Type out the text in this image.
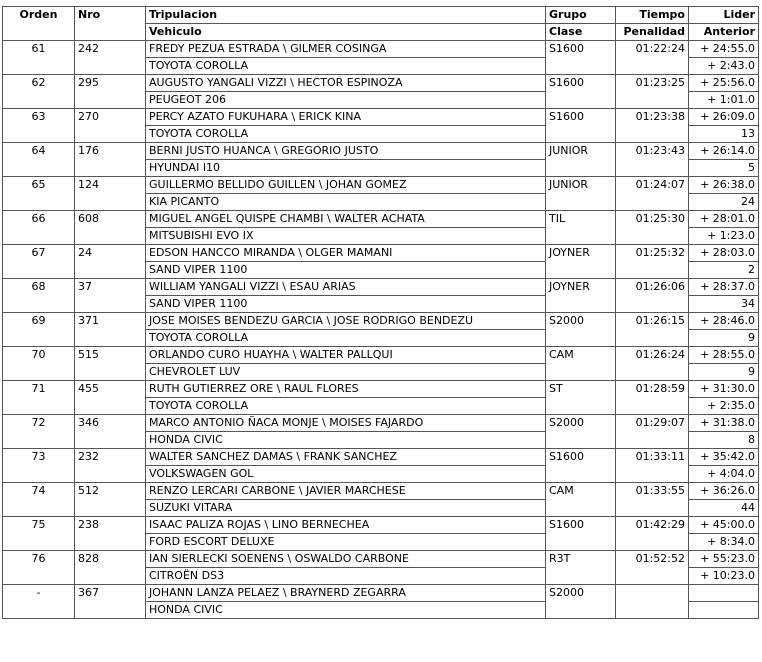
Orden	Nro	Tripulacion	Grupo	Tiempo	Lider
		Vehiculo	Clase	Penalidad	Anterior
61	242	FREDY PEZUA ESTRADA \ GILMER COSINGA	S1600	01:22:24	+ 24:55.0
		TOYOTA COROLLA			+ 2:43.0
62	295	AUGUSTO YANGALI VIZZI \ HECTOR ESPINOZA	S1600	01:23:25	+ 25:56.0
		PEUGEOT 206			+ 1:01.0
63	270	PERCY AZATO FUKUHARA \ ERICK KINA	S1600	01:23:38	+ 26:09.0
		TOYOTA COROLLA			13
64	176	BERNI JUSTO HUANCA \ GREGORIO JUSTO	JUNIOR	01:23:43	+ 26:14.0
		HYUNDAI I10			5
65	124	GUILLERMO BELLIDO GUILLEN \ JOHAN GOMEZ	JUNIOR	01:24:07	+ 26:38.0
		KIA PICANTO			24
66	608	MIGUEL ANGEL QUISPE CHAMBI \ WALTER ACHATA	TIL	01:25:30	+ 28:01.0
		MITSUBISHI EVO IX			+ 1:23.0
67	24	EDSON HANCCO MIRANDA \ OLGER MAMANI	JOYNER	01:25:32	+ 28:03.0
		SAND VIPER 1100			2
68	37	WILLIAM YANGALI VIZZI \ ESAU ARIAS	JOYNER	01:26:06	+ 28:37.0
		SAND VIPER 1100			34
69	371	JOSE MOISES BENDEZU GARCIA \ JOSE RODRIGO BENDEZU	S2000	01:26:15	+ 28:46.0
		TOYOTA COROLLA			9
70	515	ORLANDO CURO HUAYHA \ WALTER PALLQUI	CAM	01:26:24	+ 28:55.0
		CHEVROLET LUV			9
71	455	RUTH GUTIERREZ ORE \ RAUL FLORES	ST	01:28:59	+ 31:30.0
		TOYOTA COROLLA			+ 2:35.0
72	346	MARCO ANTONIO ÑACA MONJE \ MOISES FAJARDO	S2000	01:29:07	+ 31:38.0
		HONDA CIVIC			8
73	232	WALTER SANCHEZ DAMAS \ FRANK SANCHEZ	S1600	01:33:11	+ 35:42.0
		VOLKSWAGEN GOL			+ 4:04.0
74	512	RENZO LERCARI CARBONE \ JAVIER MARCHESE	CAM	01:33:55	+ 36:26.0
		SUZUKI VITARA			44
75	238	ISAAC PALIZA ROJAS \ LINO BERNECHEA	S1600	01:42:29	+ 45:00.0
		FORD ESCORT DELUXE			+ 8:34.0
76	828	IAN SIERLECKI SOENENS \ OSWALDO CARBONE	R3T	01:52:52	+ 55:23.0
		CITROËN DS3			+ 10:23.0
-	367	JOHANN LANZA PELAEZ \ BRAYNERD ZEGARRA	S2000		
		HONDA CIVIC			
